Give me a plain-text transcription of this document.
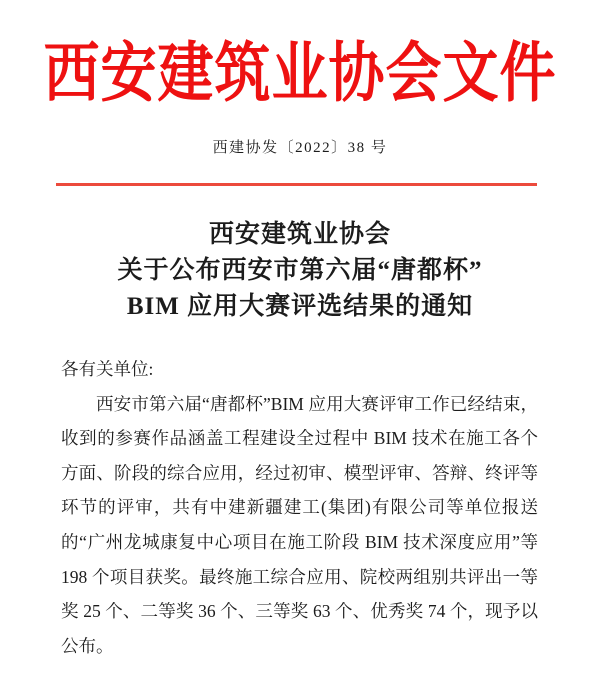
西安建筑业协会文件
西建协发〔2022〕38 号
西安建筑业协会
关于公布西安市第六届“唐都杯”
BIM 应用大赛评选结果的通知
各有关单位:

西安市第六届“唐都杯”BIM 应用大赛评审工作已经结束，收到的参赛作品涵盖工程建设全过程中 BIM 技术在施工各个方面、阶段的综合应用，经过初审、模型评审、答辩、终评等环节的评审，共有中建新疆建工(集团)有限公司等单位报送的“广州龙城康复中心项目在施工阶段 BIM 技术深度应用”等 198 个项目获奖。最终施工综合应用、院校两组别共评出一等奖 25 个、二等奖 36 个、三等奖 63 个、优秀奖 74 个，现予以公布。
